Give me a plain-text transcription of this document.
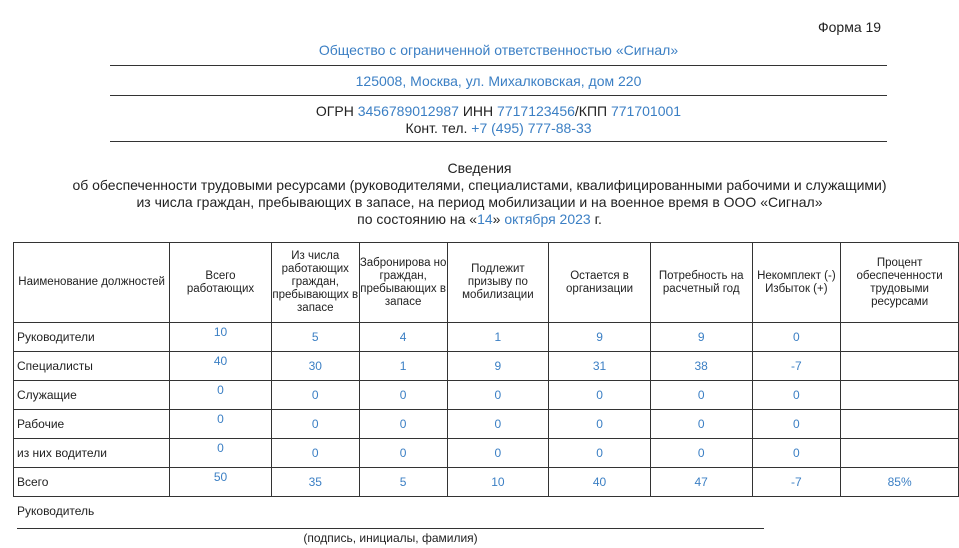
Форма 19
Общество с ограниченной ответственностью «Сигнал»
125008, Москва, ул. Михалковская, дом 220
ОГРН 3456789012987 ИНН 7717123456/КПП 771701001
Конт. тел. +7 (495) 777-88-33
Сведения
об обеспеченности трудовыми ресурсами (руководителями, специалистами, квалифицированными рабочими и служащими)
из числа граждан, пребывающих в запасе, на период мобилизации и на военное время в ООО «Сигнал»
по состоянию на «14» октября 2023 г.
Наименование должностей	Всего работающих	Из числа работающих граждан, пребывающих в запасе	Забронирова но граждан, пребывающих в запасе	Подлежит призыву по мобилизации	Остается в организации	Потребность на расчетный год	Некомплект (-) Избыток (+)	Процент обеспеченности трудовыми ресурсами
Руководители	10	5	4	1	9	9	0	
Специалисты	40	30	1	9	31	38	-7	
Служащие	0	0	0	0	0	0	0	
Рабочие	0	0	0	0	0	0	0	
из них водители	0	0	0	0	0	0	0	
Всего	50	35	5	10	40	47	-7	85%
Руководитель
(подпись, инициалы, фамилия)
